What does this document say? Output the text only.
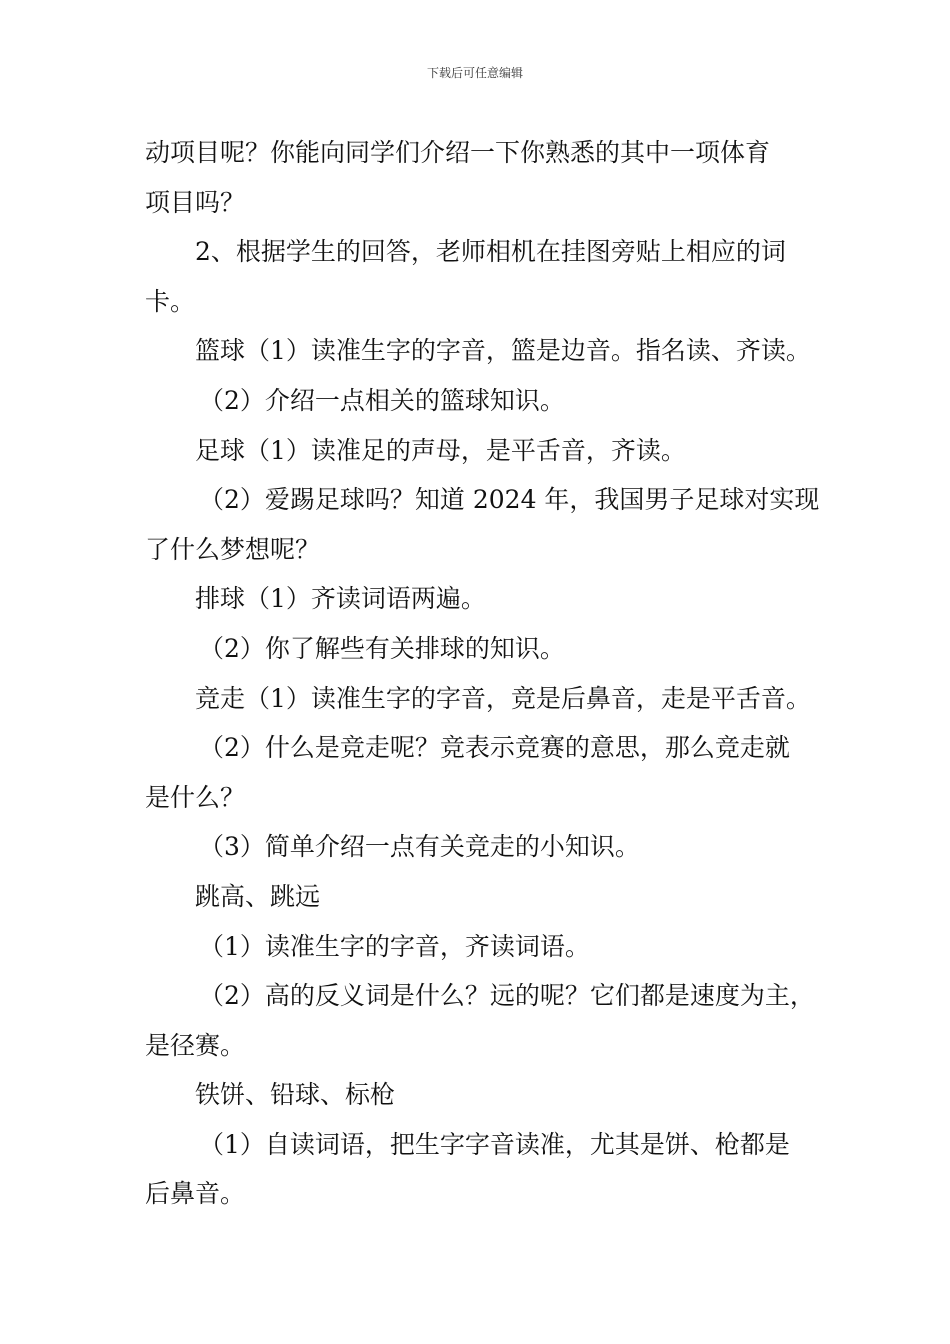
下载后可任意编辑
动项目呢？你能向同学们介绍一下你熟悉的其中一项体育
项目吗？
2、根据学生的回答，老师相机在挂图旁贴上相应的词
卡。
篮球（1）读准生字的字音，篮是边音。指名读、齐读。
（2）介绍一点相关的篮球知识。
足球（1）读准足的声母，是平舌音，齐读。
（2）爱踢足球吗？知道 2024 年，我国男子足球对实现
了什么梦想呢？
排球（1）齐读词语两遍。
（2）你了解些有关排球的知识。
竞走（1）读准生字的字音，竞是后鼻音，走是平舌音。
（2）什么是竞走呢？竞表示竞赛的意思，那么竞走就
是什么？
（3）简单介绍一点有关竞走的小知识。
跳高、跳远
（1）读准生字的字音，齐读词语。
（2）高的反义词是什么？远的呢？它们都是速度为主，
是径赛。
铁饼、铅球、标枪
（1）自读词语，把生字字音读准，尤其是饼、枪都是
后鼻音。
